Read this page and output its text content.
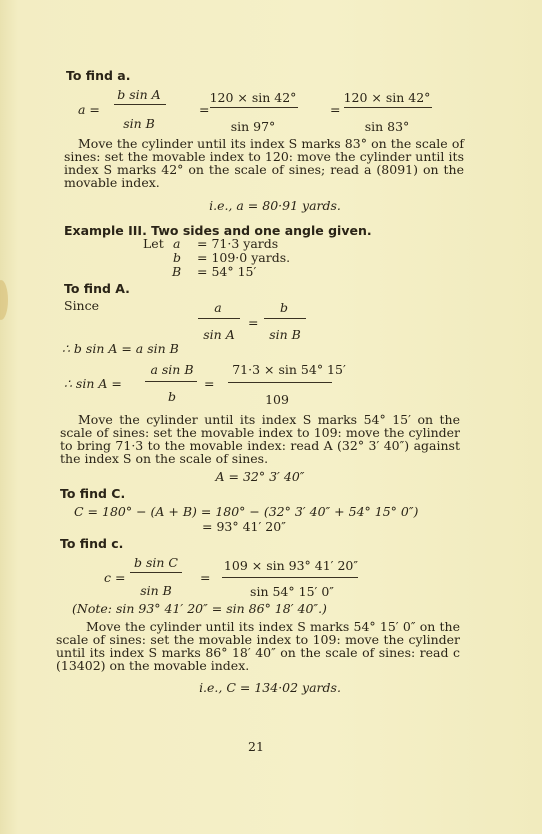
To find a.
a =
b sin A
sin B
=
120 × sin 42°
sin 97°
=
120 × sin 42°
sin 83°
Move the cylinder until its index S marks 83° on the scale of sines: set the movable index to 120: move the cylinder until its index S marks 42° on the scale of sines; read a (8091) on the movable index.
i.e., a = 80·91 yards.
Example III. Two sides and one angle given.
Let a = 71·3 yards
b = 109·0 yards.
B = 54° 15′
To find A.
Since	a
sin A
=
b
sin B
∴ b sin A = a sin B
∴ sin A =
a sin B
b
=
71·3 × sin 54° 15′
109
Move the cylinder until its index S marks 54° 15′ on the scale of sines: set the movable index to 109: move the cylinder to bring 71·3 to the movable index: read A (32° 3′ 40″) against the index S on the scale of sines.
A = 32° 3′ 40″
To find C.
C = 180° − (A + B) = 180° − (32° 3′ 40″ + 54° 15° 0″)
= 93° 41′ 20″
To find c.
c =
b sin C
sin B
=
109 × sin 93° 41′ 20″
sin 54° 15′ 0″
(Note: sin 93° 41′ 20″ = sin 86° 18′ 40″.)
Move the cylinder until its index S marks 54° 15′ 0″ on the scale of sines: set the movable index to 109: move the cylinder until its index S marks 86° 18′ 40″ on the scale of sines: read c (13402) on the movable index.
i.e., C = 134·02 yards.
21
